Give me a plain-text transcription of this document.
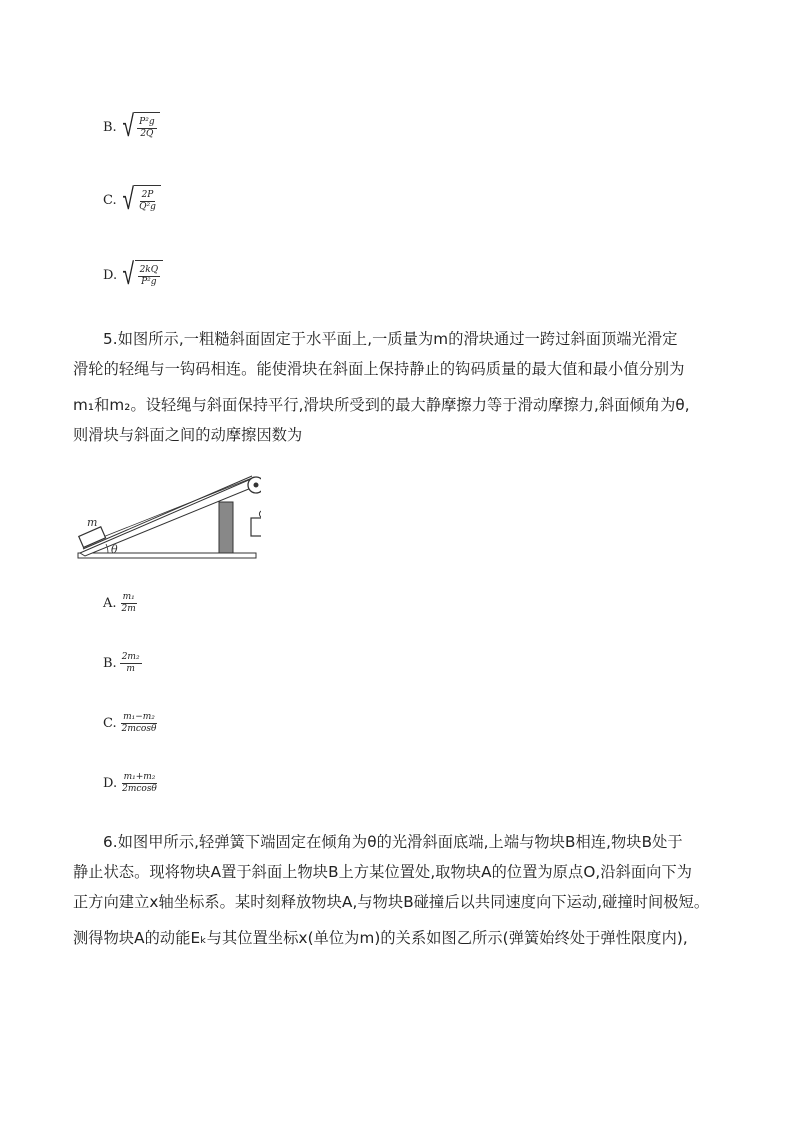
B. √ $\frac{\text{P²g}}{2Q}$
C. √ $\frac{2P}{\text{Q²g}}$
D. √ $\frac{2kQ}{\text{P²g}}$
5.如图所示,一粗糙斜面固定于水平面上,一质量为m的滑块通过一跨过斜面顶端光滑定
滑轮的轻绳与一钩码相连。能使滑块在斜面上保持静止的钩码质量的最大值和最小值分别为
m₁和m₂。设轻绳与斜面保持平行,滑块所受到的最大静摩擦力等于滑动摩擦力,斜面倾角为θ,
则滑块与斜面之间的动摩擦因数为
m
θ
A. $\frac{\text{m₁}}{2m}$
B. $\frac{\text{2m₂}}{m}$
C. $\frac{\text{m₁−m₂}}{2mcos\theta}$
D. $\frac{\text{m₁+m₂}}{2mcos\theta}$
6.如图甲所示,轻弹簧下端固定在倾角为θ的光滑斜面底端,上端与物块B相连,物块B处于
静止状态。现将物块A置于斜面上物块B上方某位置处,取物块A的位置为原点O,沿斜面向下为
正方向建立x轴坐标系。某时刻释放物块A,与物块B碰撞后以共同速度向下运动,碰撞时间极短。
测得物块A的动能Eₖ与其位置坐标x(单位为m)的关系如图乙所示(弹簧始终处于弹性限度内),
